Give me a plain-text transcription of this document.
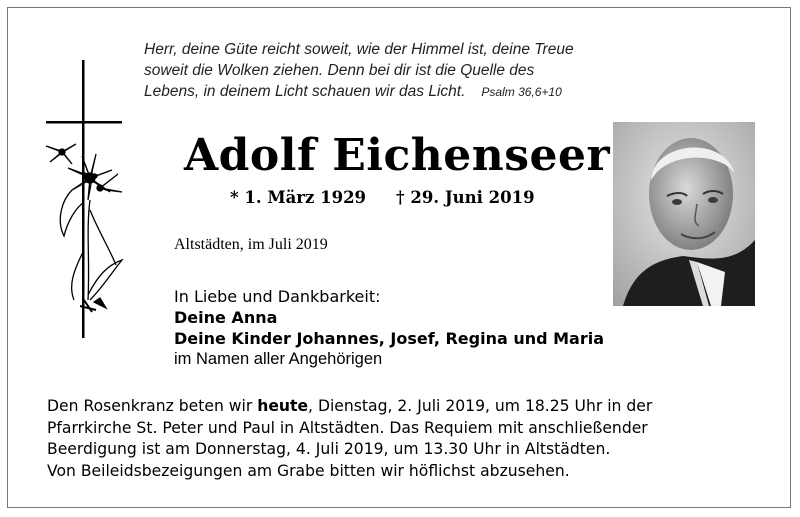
Herr, deine Güte reicht soweit, wie der Himmel ist, deine Treue
soweit die Wolken ziehen. Denn bei dir ist die Quelle des
Lebens, in deinem Licht schauen wir das Licht. Psalm 36,6+10
Adolf Eichenseer
* 1. März 1929 † 29. Juni 2019
Altstädten, im Juli 2019
In Liebe und Dankbarkeit:
Deine Anna
Deine Kinder Johannes, Josef, Regina und Maria
im Namen aller Angehörigen
Den Rosenkranz beten wir heute, Dienstag, 2. Juli 2019, um 18.25 Uhr in der
Pfarrkirche St. Peter und Paul in Altstädten. Das Requiem mit anschließender
Beerdigung ist am Donnerstag, 4. Juli 2019, um 13.30 Uhr in Altstädten.
Von Beileidsbezeigungen am Grabe bitten wir höflichst abzusehen.
